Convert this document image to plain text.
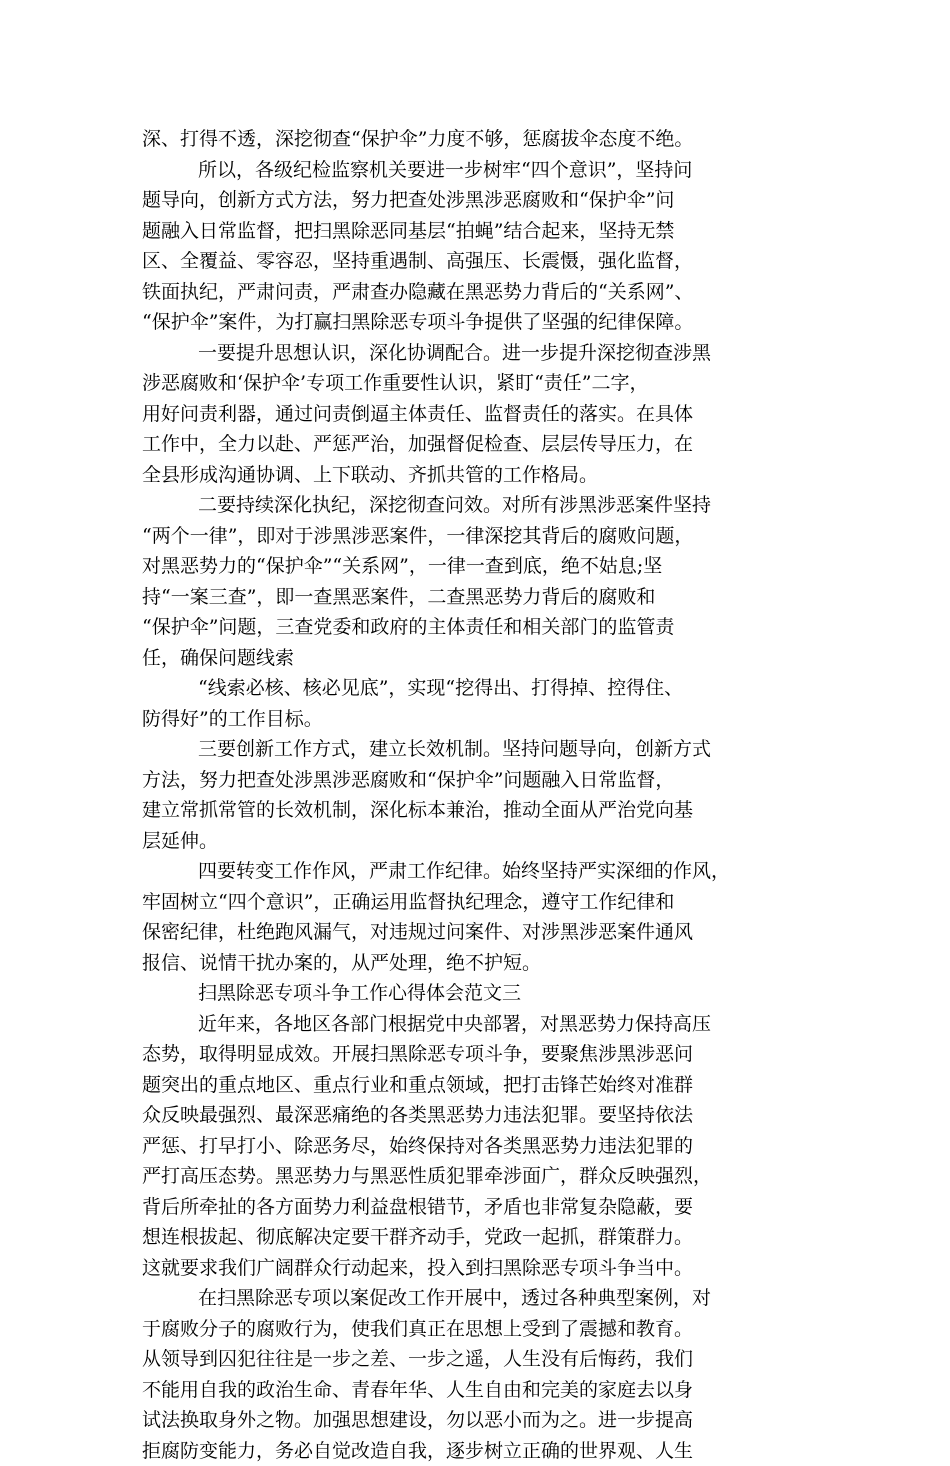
深、打得不透，深挖彻查“保护伞”力度不够，惩腐拔伞态度不绝。
所以，各级纪检监察机关要进一步树牢“四个意识”，坚持问
题导向，创新方式方法，努力把查处涉黑涉恶腐败和“保护伞”问
题融入日常监督，把扫黑除恶同基层“拍蝇”结合起来，坚持无禁
区、全覆益、零容忍，坚持重遇制、高强压、长震慑，强化监督，
铁面执纪，严肃问责，严肃查办隐藏在黑恶势力背后的“关系网”、
“保护伞”案件，为打赢扫黑除恶专项斗争提供了坚强的纪律保障。
一要提升思想认识，深化协调配合。进一步提升深挖彻查涉黑
涉恶腐败和‘保护伞’专项工作重要性认识，紧盯“责任”二字，
用好问责利器，通过问责倒逼主体责任、监督责任的落实。在具体
工作中，全力以赴、严惩严治，加强督促检查、层层传导压力，在
全县形成沟通协调、上下联动、齐抓共管的工作格局。
二要持续深化执纪，深挖彻查问效。对所有涉黑涉恶案件坚持
“两个一律”，即对于涉黑涉恶案件，一律深挖其背后的腐败问题，
对黑恶势力的“保护伞”“关系网”，一律一查到底，绝不姑息;坚
持“一案三查”，即一查黑恶案件，二查黑恶势力背后的腐败和
“保护伞”问题，三查党委和政府的主体责任和相关部门的监管责
任，确保问题线索
“线索必核、核必见底”，实现“挖得出、打得掉、控得住、
防得好”的工作目标。
三要创新工作方式，建立长效机制。坚持问题导向，创新方式
方法，努力把查处涉黑涉恶腐败和“保护伞”问题融入日常监督，
建立常抓常管的长效机制，深化标本兼治，推动全面从严治党向基
层延伸。
四要转变工作作风，严肃工作纪律。始终坚持严实深细的作风，
牢固树立“四个意识”，正确运用监督执纪理念，遵守工作纪律和
保密纪律，杜绝跑风漏气，对违规过问案件、对涉黑涉恶案件通风
报信、说情干扰办案的，从严处理，绝不护短。
扫黑除恶专项斗争工作心得体会范文三
近年来，各地区各部门根据党中央部署，对黑恶势力保持高压
态势，取得明显成效。开展扫黑除恶专项斗争，要聚焦涉黑涉恶问
题突出的重点地区、重点行业和重点领域，把打击锋芒始终对准群
众反映最强烈、最深恶痛绝的各类黑恶势力违法犯罪。要坚持依法
严惩、打早打小、除恶务尽，始终保持对各类黑恶势力违法犯罪的
严打高压态势。黑恶势力与黑恶性质犯罪牵涉面广，群众反映强烈，
背后所牵扯的各方面势力利益盘根错节，矛盾也非常复杂隐蔽，要
想连根拔起、彻底解决定要干群齐动手，党政一起抓，群策群力。
这就要求我们广阔群众行动起来，投入到扫黑除恶专项斗争当中。
在扫黑除恶专项以案促改工作开展中，透过各种典型案例，对
于腐败分子的腐败行为，使我们真正在思想上受到了震撼和教育。
从领导到囚犯往往是一步之差、一步之遥，人生没有后悔药，我们
不能用自我的政治生命、青春年华、人生自由和完美的家庭去以身
试法换取身外之物。加强思想建设，勿以恶小而为之。进一步提高
拒腐防变能力，务必自觉改造自我，逐步树立正确的世界观、人生
